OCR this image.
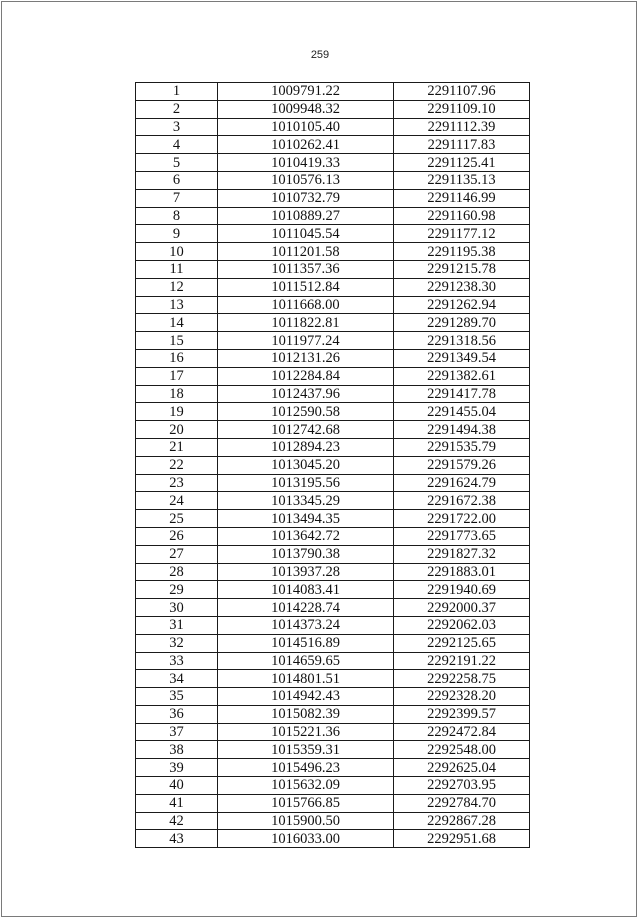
259
1	1009791.22	2291107.96
2	1009948.32	2291109.10
3	1010105.40	2291112.39
4	1010262.41	2291117.83
5	1010419.33	2291125.41
6	1010576.13	2291135.13
7	1010732.79	2291146.99
8	1010889.27	2291160.98
9	1011045.54	2291177.12
10	1011201.58	2291195.38
11	1011357.36	2291215.78
12	1011512.84	2291238.30
13	1011668.00	2291262.94
14	1011822.81	2291289.70
15	1011977.24	2291318.56
16	1012131.26	2291349.54
17	1012284.84	2291382.61
18	1012437.96	2291417.78
19	1012590.58	2291455.04
20	1012742.68	2291494.38
21	1012894.23	2291535.79
22	1013045.20	2291579.26
23	1013195.56	2291624.79
24	1013345.29	2291672.38
25	1013494.35	2291722.00
26	1013642.72	2291773.65
27	1013790.38	2291827.32
28	1013937.28	2291883.01
29	1014083.41	2291940.69
30	1014228.74	2292000.37
31	1014373.24	2292062.03
32	1014516.89	2292125.65
33	1014659.65	2292191.22
34	1014801.51	2292258.75
35	1014942.43	2292328.20
36	1015082.39	2292399.57
37	1015221.36	2292472.84
38	1015359.31	2292548.00
39	1015496.23	2292625.04
40	1015632.09	2292703.95
41	1015766.85	2292784.70
42	1015900.50	2292867.28
43	1016033.00	2292951.68
